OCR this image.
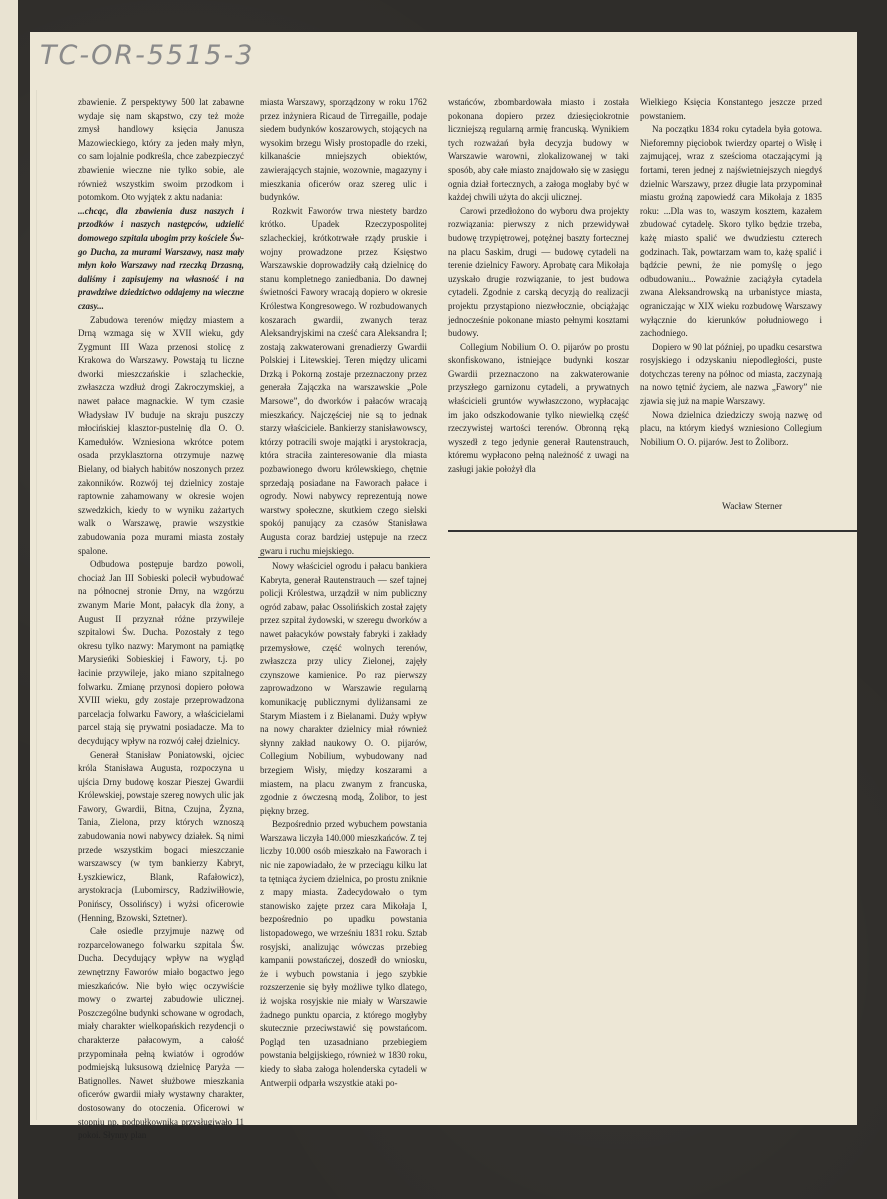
TC-OR-5515-3

zbawienie. Z perspektywy 500 lat zabawne wydaje się nam skąpstwo, czy też może zmysł handlowy księcia Janusza Mazowieckiego, który za jeden mały młyn, co sam lojalnie podkreśla, chce zabezpieczyć zbawienie wieczne nie tylko sobie, ale również wszystkim swoim przodkom i potomkom. Oto wyjątek z aktu nadania:

...chcąc, dla zbawienia dusz naszych i przodków i naszych następców, udzielić domowego szpitala ubogim przy kościele Św-go Ducha, za murami Warszawy, nasz mały młyn koło Warszawy nad rzeczką Drzasną, daliśmy i zapisujemy na własność i na prawdziwe dziedzictwo oddajemy na wieczne czasy...

Zabudowa terenów między miastem a Drną wzmaga się w XVII wieku, gdy Zygmunt III Waza przenosi stolicę z Krakowa do Warszawy. Powstają tu liczne dworki mieszczańskie i szlacheckie, zwłaszcza wzdłuż drogi Zakroczymskiej, a nawet pałace magnackie. W tym czasie Władysław IV buduje na skraju puszczy młocińskiej klasztor-pustelnię dla O. O. Kamedułów. Wzniesiona wkrótce potem osada przyklasztorna otrzymuje nazwę Bielany, od białych habitów noszonych przez zakonników. Rozwój tej dzielnicy zostaje raptownie zahamowany w okresie wojen szwedzkich, kiedy to w wyniku zażartych walk o Warszawę, prawie wszystkie zabudowania poza murami miasta zostały spalone.

Odbudowa postępuje bardzo powoli, chociaż Jan III Sobieski polecił wybudować na północnej stronie Drny, na wzgórzu zwanym Marie Mont, pałacyk dla żony, a August II przyznał różne przywileje szpitalowi Św. Ducha. Pozostały z tego okresu tylko nazwy: Marymont na pamiątkę Marysieńki Sobieskiej i Fawory, t.j. po łacinie przywileje, jako miano szpitalnego folwarku. Zmianę przynosi dopiero połowa XVIII wieku, gdy zostaje przeprowadzona parcelacja folwarku Fawory, a właścicielami parcel stają się prywatni posiadacze. Ma to decydujący wpływ na rozwój całej dzielnicy.

Generał Stanisław Poniatowski, ojciec króla Stanisława Augusta, rozpoczyna u ujścia Drny budowę koszar Pieszej Gwardii Królewskiej, powstaje szereg nowych ulic jak Fawory, Gwardii, Bitna, Czujna, Żyzna, Tania, Zielona, przy których wznoszą zabudowania nowi nabywcy działek. Są nimi przede wszystkim bogaci mieszczanie warszawscy (w tym bankierzy Kabryt, Łyszkiewicz, Blank, Rafałowicz), arystokracja (Lubomirscy, Radziwiłłowie, Ponińscy, Ossolińscy) i wyżsi oficerowie (Henning, Bzowski, Sztetner).

Całe osiedle przyjmuje nazwę od rozparcelowanego folwarku szpitala Św. Ducha. Decydujący wpływ na wygląd zewnętrzny Faworów miało bogactwo jego mieszkańców. Nie było więc oczywiście mowy o zwartej zabudowie ulicznej. Poszczególne budynki schowane w ogrodach, miały charakter wielkopańskich rezydencji o charakterze pałacowym, a całość przypominała pełną kwiatów i ogrodów podmiejską luksusową dzielnicę Paryża — Batignolles. Nawet służbowe mieszkania oficerów gwardii miały wystawny charakter, dostosowany do otoczenia. Oficerowi w stopniu np. podpułkownika przysługiwało 11 pokoi. Słynny plan

miasta Warszawy, sporządzony w roku 1762 przez inżyniera Ricaud de Tirregaille, podaje siedem budynków koszarowych, stojących na wysokim brzegu Wisły prostopadle do rzeki, kilkanaście mniejszych obiektów, zawierających stajnie, wozownie, magazyny i mieszkania oficerów oraz szereg ulic i budynków.

Rozkwit Faworów trwa niestety bardzo krótko. Upadek Rzeczypospolitej szlacheckiej, krótkotrwałe rządy pruskie i wojny prowadzone przez Księstwo Warszawskie doprowadziły całą dzielnicę do stanu kompletnego zaniedbania. Do dawnej świetności Fawory wracają dopiero w okresie Królestwa Kongresowego. W rozbudowanych koszarach gwardii, zwanych teraz Aleksandryjskimi na cześć cara Aleksandra I; zostają zakwaterowani grenadierzy Gwardii Polskiej i Litewskiej. Teren między ulicami Drzką i Pokorną zostaje przeznaczony przez generała Zajączka na warszawskie „Pole Marsowe”, do dworków i pałaców wracają mieszkańcy. Najczęściej nie są to jednak starzy właściciele. Bankierzy stanisławowscy, którzy potracili swoje majątki i arystokracja, która straciła zainteresowanie dla miasta pozbawionego dworu królewskiego, chętnie sprzedają posiadane na Faworach pałace i ogrody. Nowi nabywcy reprezentują nowe warstwy społeczne, skutkiem czego sielski spokój panujący za czasów Stanisława Augusta coraz bardziej ustępuje na rzecz gwaru i ruchu miejskiego.

Nowy właściciel ogrodu i pałacu bankiera Kabryta, generał Rautenstrauch — szef tajnej policji Królestwa, urządził w nim publiczny ogród zabaw, pałac Ossolińskich został zajęty przez szpital żydowski, w szeregu dworków a nawet pałacyków powstały fabryki i zakłady przemysłowe, część wolnych terenów, zwłaszcza przy ulicy Zielonej, zajęły czynszowe kamienice. Po raz pierwszy zaprowadzono w Warszawie regularną komunikację publicznymi dyliżansami ze Starym Miastem i z Bielanami. Duży wpływ na nowy charakter dzielnicy miał również słynny zakład naukowy O. O. pijarów, Collegium Nobilium, wybudowany nad brzegiem Wisły, między koszarami a miastem, na placu zwanym z francuska, zgodnie z ówczesną modą, Żolibor, to jest piękny brzeg.

Bezpośrednio przed wybuchem powstania Warszawa liczyła 140.000 mieszkańców. Z tej liczby 10.000 osób mieszkało na Faworach i nic nie zapowiadało, że w przeciągu kilku lat ta tętniąca życiem dzielnica, po prostu zniknie z mapy miasta. Zadecydowało o tym stanowisko zajęte przez cara Mikołaja I, bezpośrednio po upadku powstania listopadowego, we wrześniu 1831 roku. Sztab rosyjski, analizując wówczas przebieg kampanii powstańczej, doszedł do wniosku, że i wybuch powstania i jego szybkie rozszerzenie się były możliwe tylko dlatego, iż wojska rosyjskie nie miały w Warszawie żadnego punktu oparcia, z którego mogłyby skutecznie przeciwstawić się powstańcom. Pogląd ten uzasadniano przebiegiem powstania belgijskiego, również w 1830 roku, kiedy to słaba załoga holenderska cytadeli w Antwerpii odparła wszystkie ataki po-

wstańców, zbombardowała miasto i została pokonana dopiero przez dziesięciokrotnie liczniejszą regularną armię francuską. Wynikiem tych rozważań była decyzja budowy w Warszawie warowni, zlokalizowanej w taki sposób, aby całe miasto znajdowało się w zasięgu ognia dział fortecznych, a załoga mogłaby być w każdej chwili użyta do akcji ulicznej.

Carowi przedłożono do wyboru dwa projekty rozwiązania: pierwszy z nich przewidywał budowę trzypiętrowej, potężnej baszty fortecznej na placu Saskim, drugi — budowę cytadeli na terenie dzielnicy Fawory. Aprobatę cara Mikołaja uzyskało drugie rozwiązanie, to jest budowa cytadeli. Zgodnie z carską decyzją do realizacji projektu przystąpiono niezwłocznie, obciążając jednocześnie pokonane miasto pełnymi kosztami budowy.

Collegium Nobilium O. O. pijarów po prostu skonfiskowano, istniejące budynki koszar Gwardii przeznaczono na zakwaterowanie przyszłego garnizonu cytadeli, a prywatnych właścicieli gruntów wywłaszczono, wypłacając im jako odszkodowanie tylko niewielką część rzeczywistej wartości terenów. Obronną ręką wyszedł z tego jedynie generał Rautenstrauch, któremu wypłacono pełną należność z uwagi na zasługi jakie położył dla

Wielkiego Księcia Konstantego jeszcze przed powstaniem.

Na początku 1834 roku cytadela była gotowa. Nieforemny pięciobok twierdzy opartej o Wisłę i zajmującej, wraz z sześcioma otaczającymi ją fortami, teren jednej z najświetniejszych niegdyś dzielnic Warszawy, przez długie lata przypominał miastu groźną zapowiedź cara Mikołaja z 1835 roku: ...Dla was to, waszym kosztem, kazałem zbudować cytadelę. Skoro tylko będzie trzeba, każę miasto spalić we dwudziestu czterech godzinach. Tak, powtarzam wam to, każę spalić i bądźcie pewni, że nie pomyślę o jego odbudowaniu... Poważnie zaciążyła cytadela zwana Aleksandrowską na urbanistyce miasta, ograniczając w XIX wieku rozbudowę Warszawy wyłącznie do kierunków południowego i zachodniego.

Dopiero w 90 lat później, po upadku cesarstwa rosyjskiego i odzyskaniu niepodległości, puste dotychczas tereny na północ od miasta, zaczynają na nowo tętnić życiem, ale nazwa „Fawory” nie zjawia się już na mapie Warszawy.

Nowa dzielnica dziedziczy swoją nazwę od placu, na którym kiedyś wzniesiono Collegium Nobilium O. O. pijarów. Jest to Żoliborz.

Wacław Sterner
